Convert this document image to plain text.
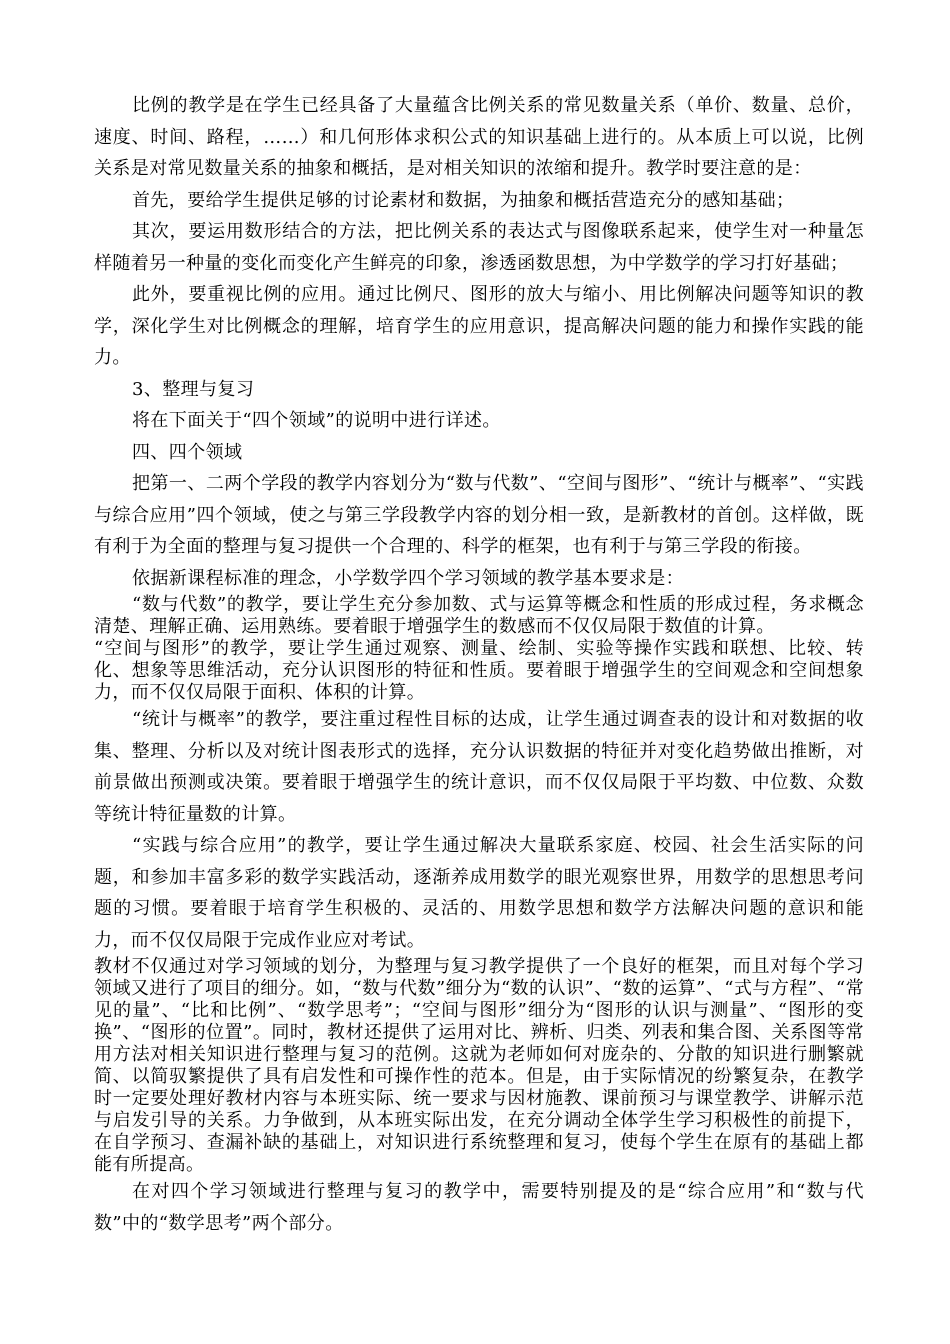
比例的教学是在学生已经具备了大量蕴含比例关系的常见数量关系（单价、数量、总价，速度、时间、路程，……）和几何形体求积公式的知识基础上进行的。从本质上可以说，比例关系是对常见数量关系的抽象和概括，是对相关知识的浓缩和提升。教学时要注意的是：

首先，要给学生提供足够的讨论素材和数据，为抽象和概括营造充分的感知基础；

其次，要运用数形结合的方法，把比例关系的表达式与图像联系起来，使学生对一种量怎样随着另一种量的变化而变化产生鲜亮的印象，渗透函数思想，为中学数学的学习打好基础；

此外，要重视比例的应用。通过比例尺、图形的放大与缩小、用比例解决问题等知识的教学，深化学生对比例概念的理解，培育学生的应用意识，提高解决问题的能力和操作实践的能力。

3、整理与复习

将在下面关于“四个领域”的说明中进行详述。

四、四个领域

把第一、二两个学段的教学内容划分为“数与代数”、“空间与图形”、“统计与概率”、“实践与综合应用”四个领域，使之与第三学段教学内容的划分相一致，是新教材的首创。这样做，既有利于为全面的整理与复习提供一个合理的、科学的框架，也有利于与第三学段的衔接。

依据新课程标准的理念，小学数学四个学习领域的教学基本要求是：

“数与代数”的教学，要让学生充分参加数、式与运算等概念和性质的形成过程，务求概念清楚、理解正确、运用熟练。要着眼于增强学生的数感而不仅仅局限于数值的计算。

“空间与图形”的教学，要让学生通过观察、测量、绘制、实验等操作实践和联想、比较、转化、想象等思维活动，充分认识图形的特征和性质。要着眼于增强学生的空间观念和空间想象力，而不仅仅局限于面积、体积的计算。

“统计与概率”的教学，要注重过程性目标的达成，让学生通过调查表的设计和对数据的收集、整理、分析以及对统计图表形式的选择，充分认识数据的特征并对变化趋势做出推断，对前景做出预测或决策。要着眼于增强学生的统计意识，而不仅仅局限于平均数、中位数、众数等统计特征量数的计算。

“实践与综合应用”的教学，要让学生通过解决大量联系家庭、校园、社会生活实际的问题，和参加丰富多彩的数学实践活动，逐渐养成用数学的眼光观察世界，用数学的思想思考问题的习惯。要着眼于培育学生积极的、灵活的、用数学思想和数学方法解决问题的意识和能力，而不仅仅局限于完成作业应对考试。

教材不仅通过对学习领域的划分，为整理与复习教学提供了一个良好的框架，而且对每个学习领域又进行了项目的细分。如，“数与代数”细分为“数的认识”、“数的运算”、“式与方程”、“常见的量”、“比和比例”、“数学思考”；“空间与图形”细分为“图形的认识与测量”、“图形的变换”、“图形的位置”。同时，教材还提供了运用对比、辨析、归类、列表和集合图、关系图等常用方法对相关知识进行整理与复习的范例。这就为老师如何对庞杂的、分散的知识进行删繁就简、以简驭繁提供了具有启发性和可操作性的范本。但是，由于实际情况的纷繁复杂，在教学时一定要处理好教材内容与本班实际、统一要求与因材施教、课前预习与课堂教学、讲解示范与启发引导的关系。力争做到，从本班实际出发，在充分调动全体学生学习积极性的前提下，在自学预习、查漏补缺的基础上，对知识进行系统整理和复习，使每个学生在原有的基础上都能有所提高。

在对四个学习领域进行整理与复习的教学中，需要特别提及的是“综合应用”和“数与代数”中的“数学思考”两个部分。
